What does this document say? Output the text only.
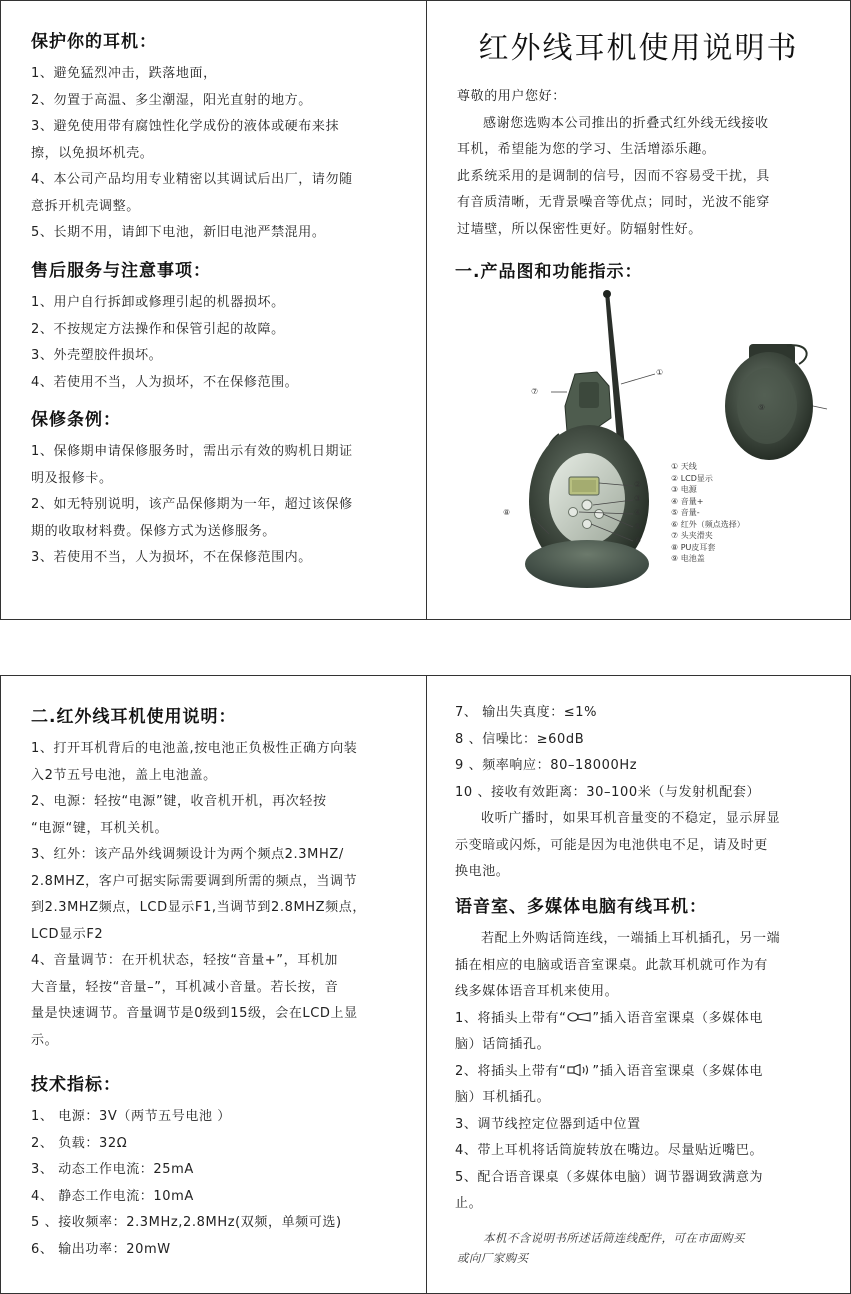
保护你的耳机：

1、避免猛烈冲击，跌落地面，

2、勿置于高温、多尘潮湿，阳光直射的地方。

3、避免使用带有腐蚀性化学成份的液体或硬布来抹

擦，以免损坏机壳。

4、本公司产品均用专业精密以其调试后出厂，请勿随

意拆开机壳调整。

5、长期不用，请卸下电池，新旧电池严禁混用。

售后服务与注意事项：

1、用户自行拆卸或修理引起的机器损坏。

2、不按规定方法操作和保管引起的故障。

3、外壳塑胶件损坏。

4、若使用不当，人为损坏，不在保修范围。

保修条例：

1、保修期申请保修服务时，需出示有效的购机日期证

明及报修卡。

2、如无特别说明，该产品保修期为一年，超过该保修

期的收取材料费。保修方式为送修服务。

3、若使用不当，人为损坏，不在保修范围内。

红外线耳机使用说明书

尊敬的用户您好：

感谢您选购本公司推出的折叠式红外线无线接收

耳机，希望能为您的学习、生活增添乐趣。

此系统采用的是调制的信号，因而不容易受干扰，具

有音质清晰，无背景噪音等优点；同时，光波不能穿

过墙壁，所以保密性更好。防辐射性好。

一.产品图和功能指示：

①
②
③
④
⑤
⑥
⑦
⑧
⑨
① 天线
② LCD显示
③ 电源
④ 音量+
⑤ 音量-
⑥ 红外（频点选择）
⑦ 头夹滑夹
⑧ PU皮耳套
⑨ 电池盖

二.红外线耳机使用说明：

1、打开耳机背后的电池盖,按电池正负极性正确方向装

入2节五号电池，盖上电池盖。

2、电源：轻按“电源”键，收音机开机，再次轻按

“电源“键，耳机关机。

3、红外：该产品外线调频设计为两个频点2.3MHZ/

2.8MHZ，客户可据实际需要调到所需的频点，当调节

到2.3MHZ频点，LCD显示F1,当调节到2.8MHZ频点，

LCD显示F2

4、音量调节：在开机状态，轻按“音量+”，耳机加

大音量，轻按“音量–”，耳机减小音量。若长按，音

量是快速调节。音量调节是0级到15级，会在LCD上显

示。

技术指标：

1、 电源：3V（两节五号电池 ）

2、 负载：32Ω

3、 动态工作电流：25mA

4、 静态工作电流：10mA

5 、接收频率：2.3MHz,2.8MHz(双频，单频可选)

6、 输出功率：20mW

7、 输出失真度：≤1%

8 、信噪比：≥60dB

9 、频率响应：80–18000Hz

10 、接收有效距离：30–100米（与发射机配套）

收听广播时，如果耳机音量变的不稳定，显示屏显

示变暗或闪烁，可能是因为电池供电不足，请及时更

换电池。

语音室、多媒体电脑有线耳机：

若配上外购话筒连线，一端插上耳机插孔，另一端

插在相应的电脑或语音室课桌。此款耳机就可作为有

线多媒体语音耳机来使用。

1、将插头上带有“ ”插入语音室课桌（多媒体电

脑）话筒插孔。

2、将插头上带有“ ”插入语音室课桌（多媒体电

脑）耳机插孔。

3、调节线控定位器到适中位置

4、带上耳机将话筒旋转放在嘴边。尽量贴近嘴巴。

5、配合语音课桌（多媒体电脑）调节器调致满意为

止。

本机不含说明书所述话筒连线配件，可在市面购买

或向厂家购买
